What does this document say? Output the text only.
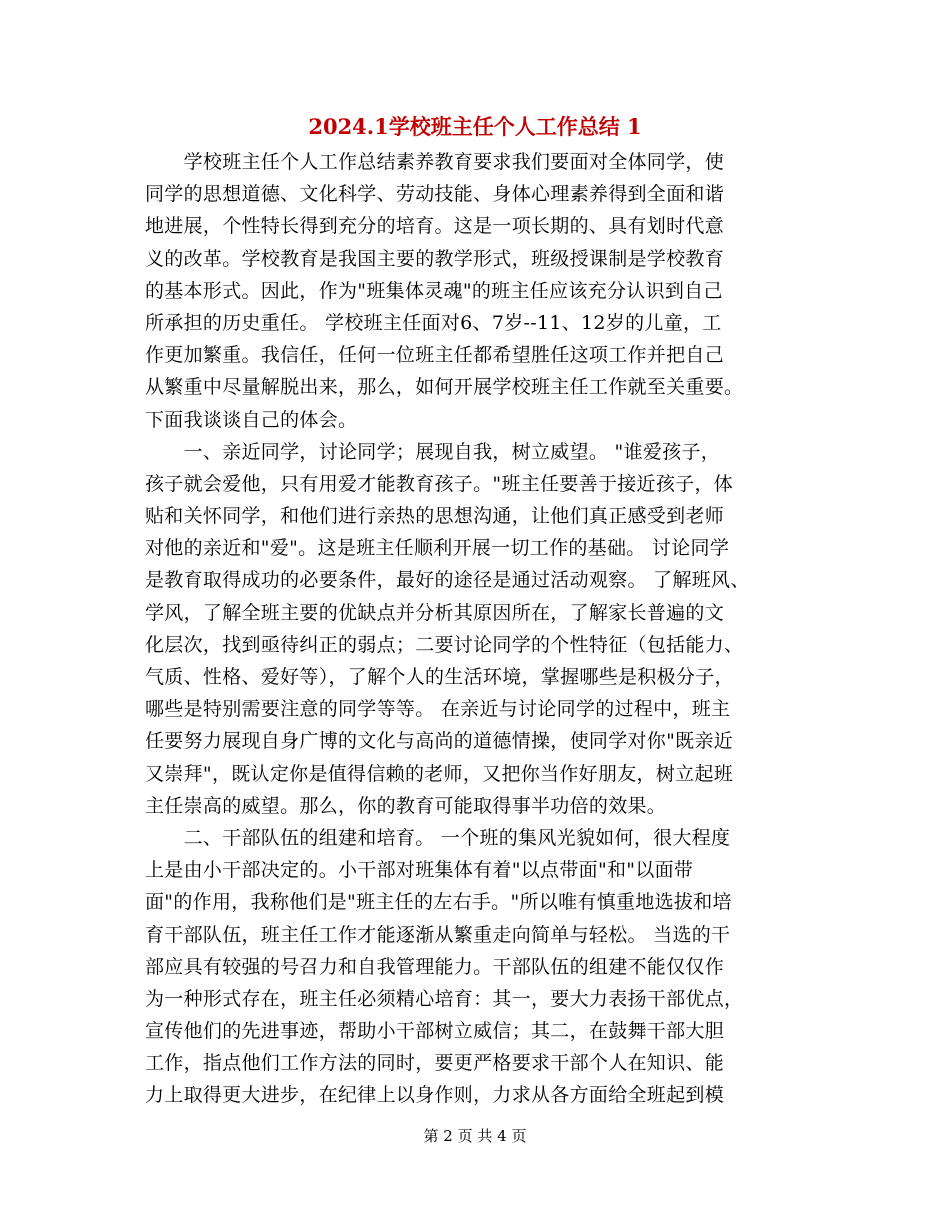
2024.1学校班主任个人工作总结 1
　　学校班主任个人工作总结素养教育要求我们要面对全体同学，使
同学的思想道德、文化科学、劳动技能、身体心理素养得到全面和谐
地进展，个性特长得到充分的培育。这是一项长期的、具有划时代意
义的改革。学校教育是我国主要的教学形式，班级授课制是学校教育
的基本形式。因此，作为"班集体灵魂"的班主任应该充分认识到自己
所承担的历史重任。 学校班主任面对6、7岁--11、12岁的儿童，工
作更加繁重。我信任，任何一位班主任都希望胜任这项工作并把自己
从繁重中尽量解脱出来，那么，如何开展学校班主任工作就至关重要。
下面我谈谈自己的体会。
　　一、亲近同学，讨论同学；展现自我，树立威望。 "谁爱孩子，
孩子就会爱他，只有用爱才能教育孩子。"班主任要善于接近孩子，体
贴和关怀同学，和他们进行亲热的思想沟通，让他们真正感受到老师
对他的亲近和"爱"。这是班主任顺利开展一切工作的基础。 讨论同学
是教育取得成功的必要条件，最好的途径是通过活动观察。 了解班风、
学风，了解全班主要的优缺点并分析其原因所在，了解家长普遍的文
化层次，找到亟待纠正的弱点；二要讨论同学的个性特征（包括能力、
气质、性格、爱好等），了解个人的生活环境，掌握哪些是积极分子，
哪些是特别需要注意的同学等等。 在亲近与讨论同学的过程中，班主
任要努力展现自身广博的文化与高尚的道德情操，使同学对你"既亲近
又崇拜"，既认定你是值得信赖的老师，又把你当作好朋友，树立起班
主任崇高的威望。那么，你的教育可能取得事半功倍的效果。
　　二、干部队伍的组建和培育。 一个班的集风光貌如何，很大程度
上是由小干部决定的。小干部对班集体有着"以点带面"和"以面带
面"的作用，我称他们是"班主任的左右手。"所以唯有慎重地选拔和培
育干部队伍，班主任工作才能逐渐从繁重走向简单与轻松。 当选的干
部应具有较强的号召力和自我管理能力。干部队伍的组建不能仅仅作
为一种形式存在，班主任必须精心培育：其一，要大力表扬干部优点，
宣传他们的先进事迹，帮助小干部树立威信；其二，在鼓舞干部大胆
工作，指点他们工作方法的同时，要更严格要求干部个人在知识、能
力上取得更大进步，在纪律上以身作则，力求从各方面给全班起到模
第 2 页 共 4 页
